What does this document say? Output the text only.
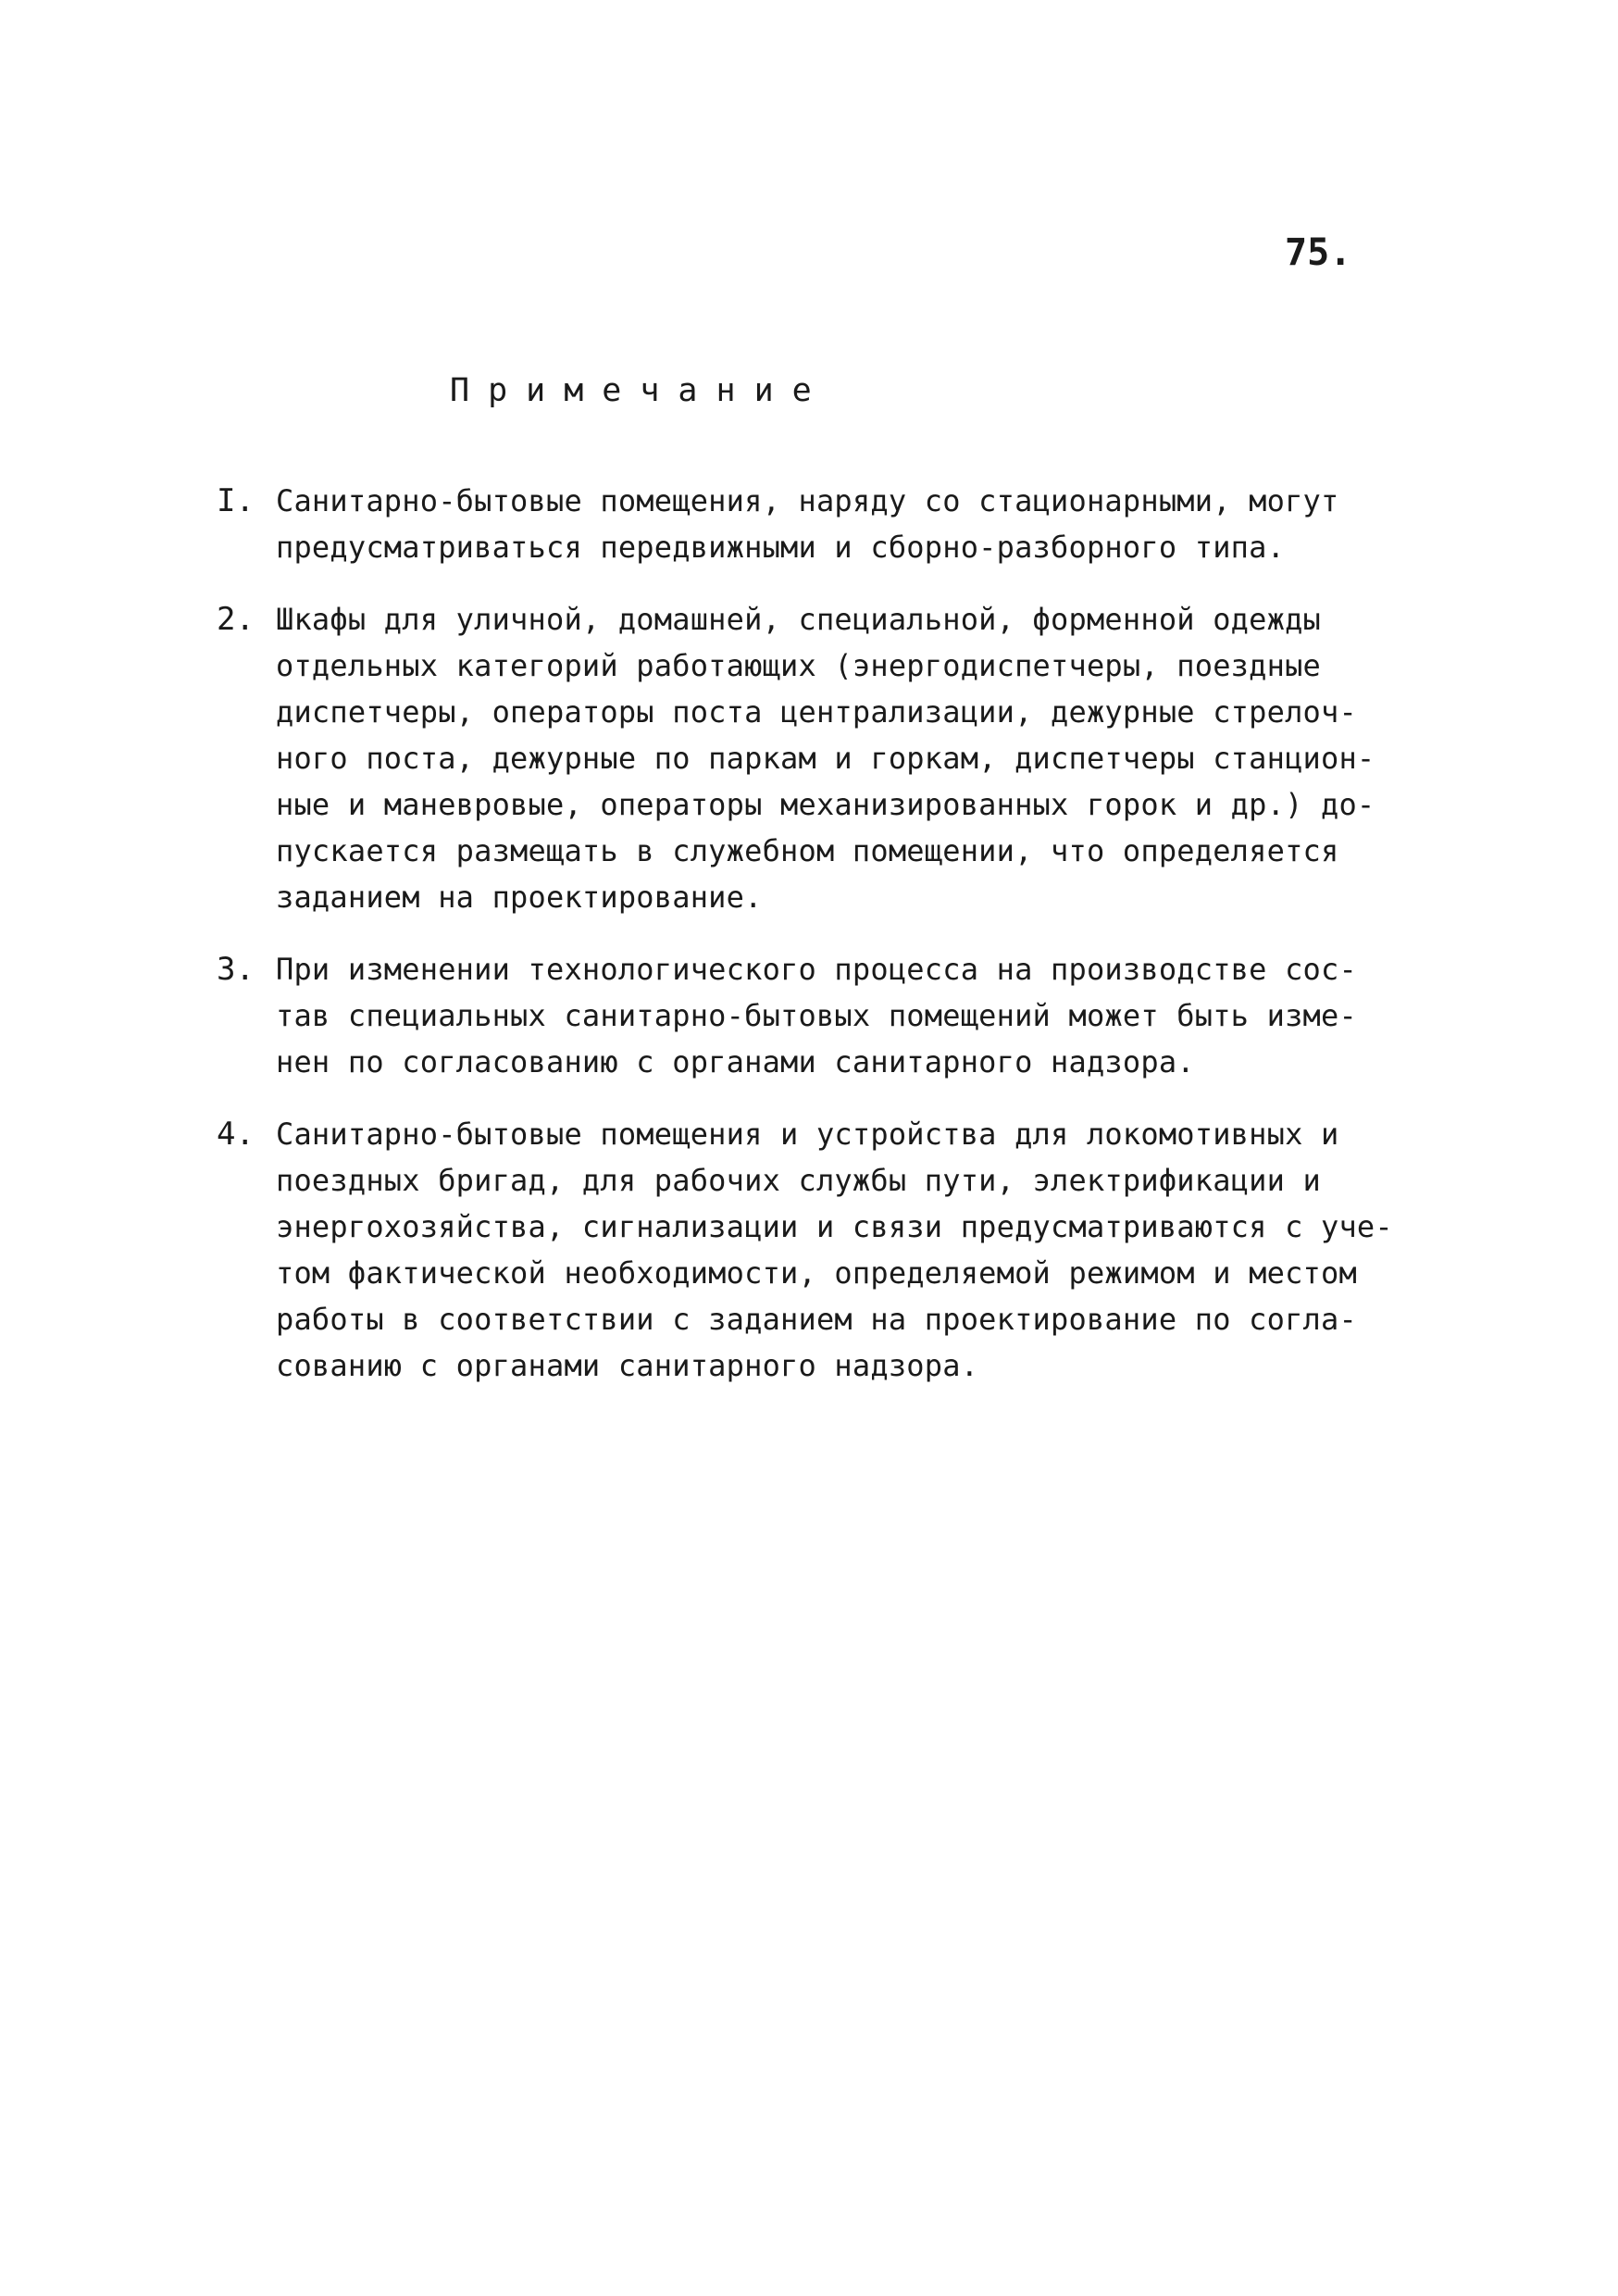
75.
Примечание
I. Санитарно-бытовые помещения, наряду со стационарными, могут
предусматриваться передвижными и сборно-разборного типа.
2. Шкафы для уличной, домашней, специальной, форменной одежды
отдельных категорий работающих (энергодиспетчеры, поездные
диспетчеры, операторы поста централизации, дежурные стрелоч-
ного поста, дежурные по паркам и горкам, диспетчеры станцион-
ные и маневровые, операторы механизированных горок и др.) до-
пускается размещать в служебном помещении, что определяется
заданием на проектирование.
3. При изменении технологического процесса на производстве сос-
тав специальных санитарно-бытовых помещений может быть изме-
нен по согласованию с органами санитарного надзора.
4. Санитарно-бытовые помещения и устройства для локомотивных и
поездных бригад, для рабочих службы пути, электрификации и
энергохозяйства, сигнализации и связи предусматриваются с уче-
том фактической необходимости, определяемой режимом и местом
работы в соответствии с заданием на проектирование по согла-
сованию с органами санитарного надзора.
